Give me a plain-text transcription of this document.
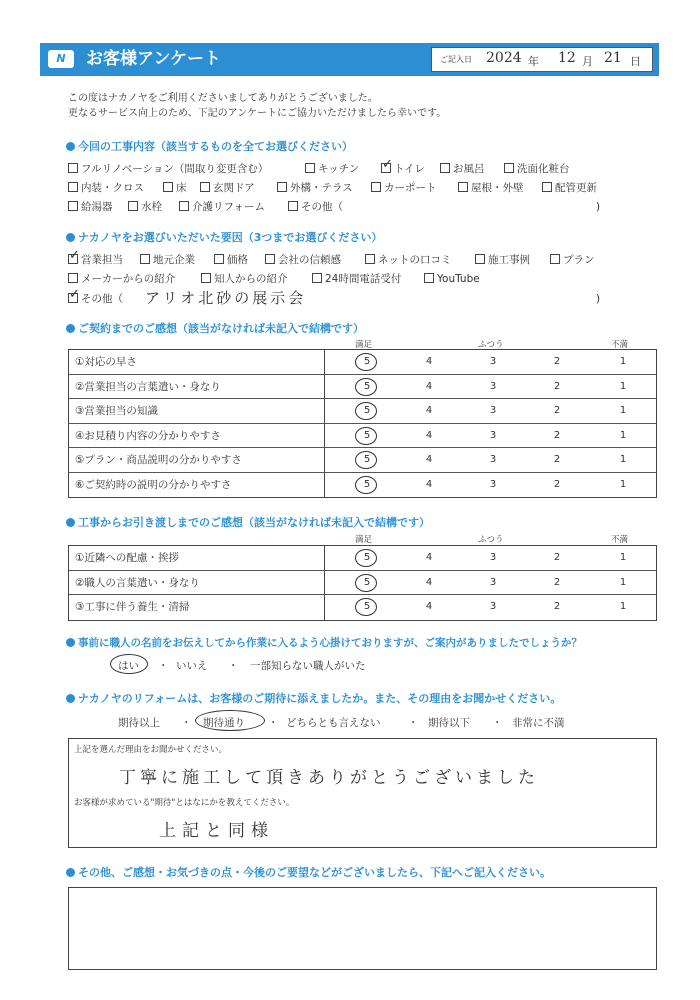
N	お客様アンケート	ご記入日 2024 年 12 月 21 日
この度はナカノヤをご利用くださいましてありがとうございました。
更なるサービス向上のため、下記のアンケートにご協力いただけましたら幸いです。
今回の工事内容（該当するものを全てお選びください）
フルリノベーション（間取り変更含む）	キッチン
✓	トイレ	お風呂	洗面化粧台
内装・クロス	床	玄関ドア	外構・テラス	カーポート	屋根・外壁	配管更新
給湯器	水栓	介護リフォーム	その他（	)
ナカノヤをお選びいただいた要因（3つまでお選びください）
✓営業担当	地元企業	価格	会社の信頼感	ネットの口コミ	施工事例	プラン
メーカーからの紹介	知人からの紹介	24時間電話受付	YouTube
✓その他（ アリオ北砂の展示会	)
ご契約までのご感想（該当がなければ未記入で結構です）
満足	ふつう	不満
①対応の早さ	5	4	3	2	1
②営業担当の言葉遣い・身なり	5	4	3	2	1
③営業担当の知識	5	4	3	2	1
④お見積り内容の分かりやすさ	5	4	3	2	1
⑤プラン・商品説明の分かりやすさ	5	4	3	2	1
⑥ご契約時の説明の分かりやすさ	5	4	3	2	1
工事からお引き渡しまでのご感想（該当がなければ未記入で結構です）
満足	ふつう	不満
①近隣への配慮・挨拶	5	4	3	2	1
②職人の言葉遣い・身なり	5	4	3	2	1
③工事に伴う養生・清掃	5	4	3	2	1
事前に職人の名前をお伝えしてから作業に入るよう心掛けておりますが、ご案内がありましたでしょうか？
はい ・ いいえ ・ 一部知らない職人がいた
ナカノヤのリフォームは、お客様のご期待に添えましたか。また、その理由をお聞かせください。
期待以上 ・ 期待通り ・ どちらとも言えない	・ 期待以下 ・ 非常に不満
上記を選んだ理由をお聞かせください。
丁寧に施工して頂きありがとうございました
お客様が求めている"期待"とはなにかを教えてください。
上記と同様
その他、ご感想・お気づきの点・今後のご要望などがございましたら、下記へご記入ください。
